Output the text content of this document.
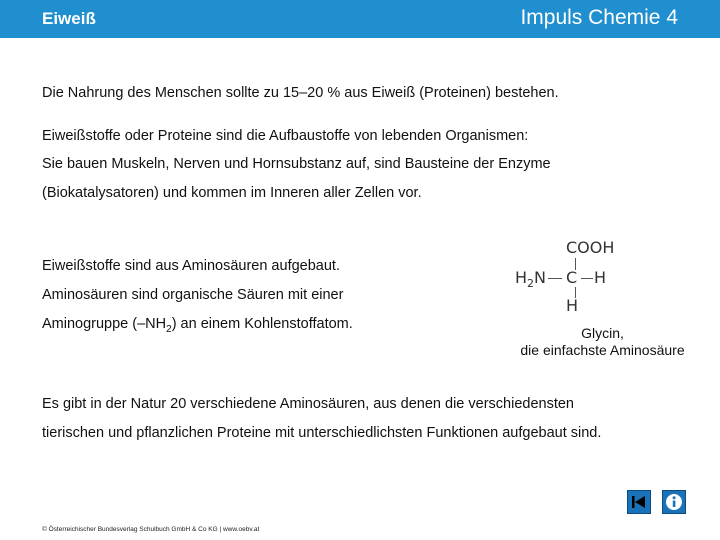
Eiweiß	Impuls Chemie 4
Die Nahrung des Menschen sollte zu 15–20 % aus Eiweiß (Proteinen) bestehen.
Eiweißstoffe oder Proteine sind die Aufbaustoffe von lebenden Organismen:
Sie bauen Muskeln, Nerven und Hornsubstanz auf, sind Bausteine der Enzyme
(Biokatalysatoren) und kommen im Inneren aller Zellen vor.
Eiweißstoffe sind aus Aminosäuren aufgebaut.
Aminosäuren sind organische Säuren mit einer
Aminogruppe $(-NH_2)$ an einem Kohlenstoffatom.
COOH
$H_2N$ C H
H
Glycin,
die einfachste Aminosäure
Es gibt in der Natur 20 verschiedene Aminosäuren, aus denen die verschiedensten
tierischen und pflanzlichen Proteine mit unterschiedlichsten Funktionen aufgebaut sind.
© Österreichischer Bundesverlag Schulbuch GmbH & Co KG | www.oebv.at
